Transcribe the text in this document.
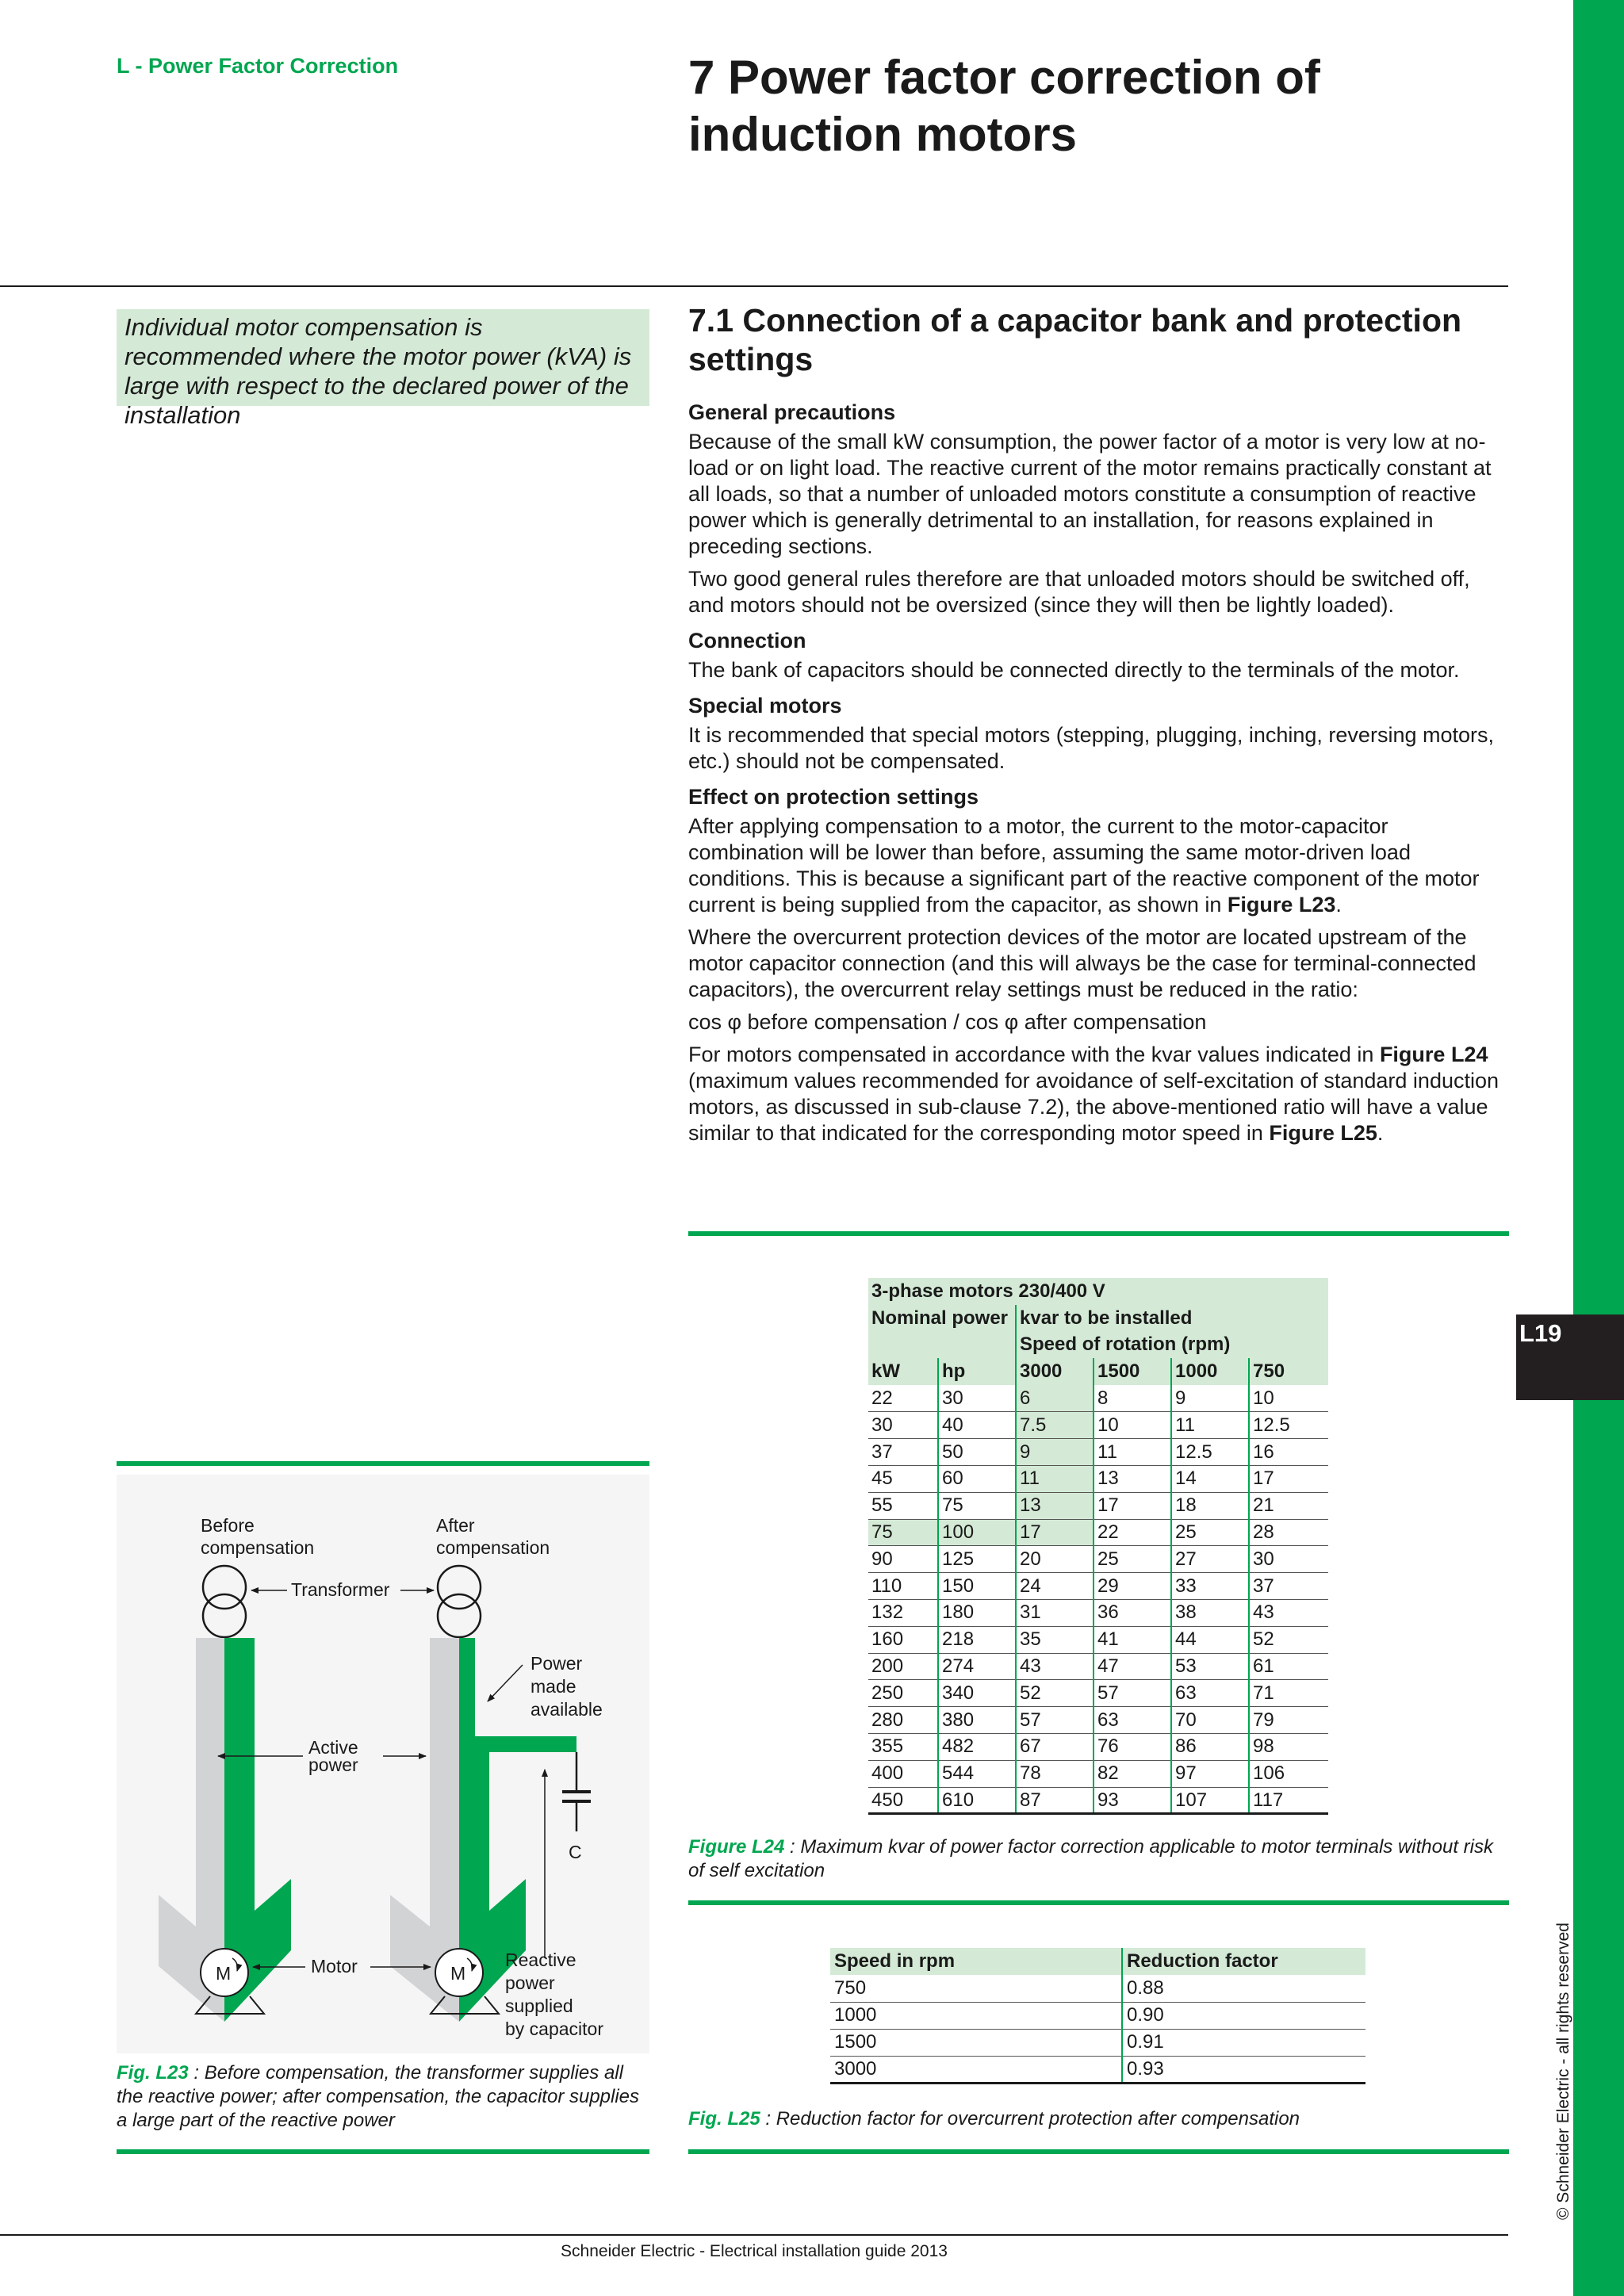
L19
© Schneider Electric - all rights reserved
L - Power Factor Correction	7 Power factor correction of induction motors
Individual motor compensation is recommended where the motor power (kVA) is large with respect to the declared power of the installation
7.1 Connection of a capacitor bank and protection settings
General precautions

Because of the small kW consumption, the power factor of a motor is very low at no-load or on light load. The reactive current of the motor remains practically constant at all loads, so that a number of unloaded motors constitute a consumption of reactive power which is generally detrimental to an installation, for reasons explained in preceding sections.

Two good general rules therefore are that unloaded motors should be switched off, and motors should not be oversized (since they will then be lightly loaded).

Connection

The bank of capacitors should be connected directly to the terminals of the motor.

Special motors

It is recommended that special motors (stepping, plugging, inching, reversing motors, etc.) should not be compensated.

Effect on protection settings

After applying compensation to a motor, the current to the motor-capacitor combination will be lower than before, assuming the same motor-driven load conditions. This is because a significant part of the reactive component of the motor current is being supplied from the capacitor, as shown in Figure L23.

Where the overcurrent protection devices of the motor are located upstream of the motor capacitor connection (and this will always be the case for terminal-connected capacitors), the overcurrent relay settings must be reduced in the ratio:

cos φ before compensation / cos φ after compensation

For motors compensated in accordance with the kvar values indicated in Figure L24 (maximum values recommended for avoidance of self-excitation of standard induction motors, as discussed in sub-clause 7.2), the above-mentioned ratio will have a value similar to that indicated for the corresponding motor speed in Figure L25.

3-phase motors 230/400 V					
Nominal power		kvar to be installed			
		Speed of rotation (rpm)			
kW	hp	3000	1500	1000	750
22	30	6	8	9	10
30	40	7.5	10	11	12.5
37	50	9	11	12.5	16
45	60	11	13	14	17
55	75	13	17	18	21
75	100	17	22	25	28
90	125	20	25	27	30
110	150	24	29	33	37
132	180	31	36	38	43
160	218	35	41	44	52
200	274	43	47	53	61
250	340	52	57	63	71
280	380	57	63	70	79
355	482	67	76	86	98
400	544	78	82	97	106
450	610	87	93	107	117
Figure L24 : Maximum kvar of power factor correction applicable to motor terminals without risk of self excitation
Speed in rpm	Reduction factor
750	0.88
1000	0.90
1500	0.91
3000	0.93
Fig. L25 : Reduction factor for overcurrent protection after compensation
Before
compensation
After
compensation
Transformer
Power
made
available
Active
power
C
Reactive
power
supplied
by capacitor
M	M
Motor
Fig. L23 : Before compensation, the transformer supplies all the reactive power; after compensation, the capacitor supplies a large part of the reactive power
Schneider Electric - Electrical installation guide 2013
